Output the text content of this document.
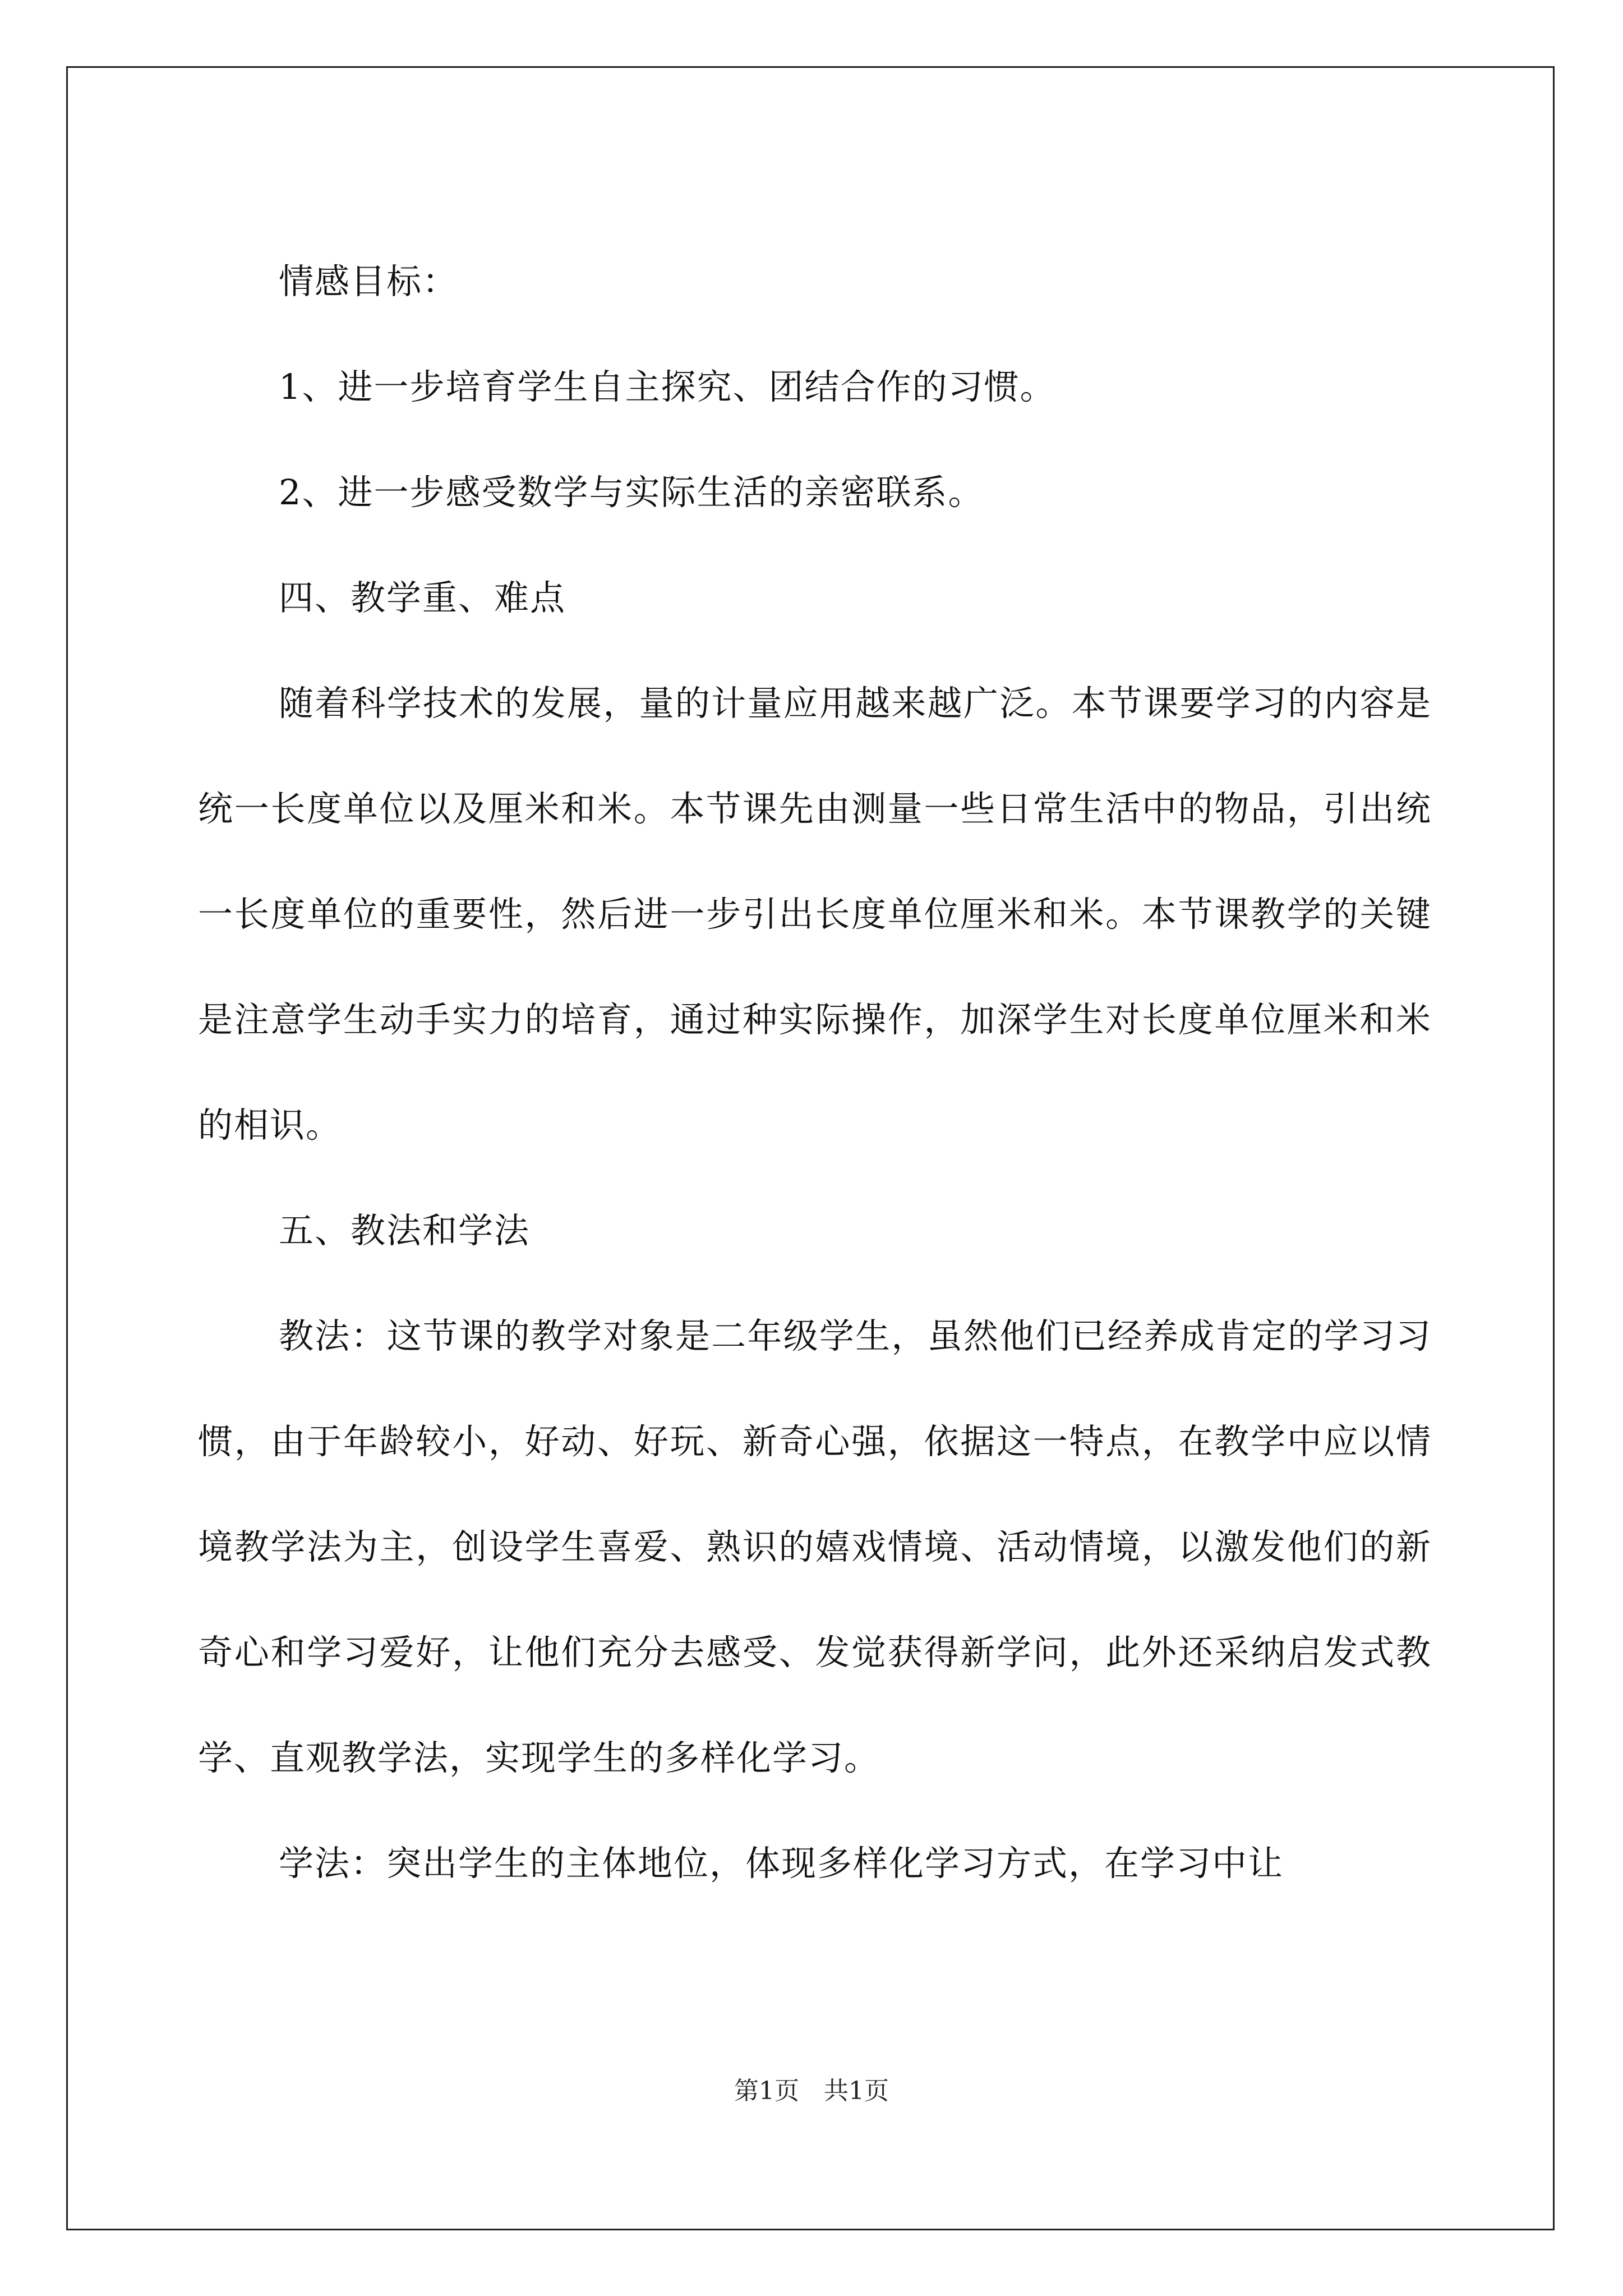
情感目标：

1、进一步培育学生自主探究、团结合作的习惯。

2、进一步感受数学与实际生活的亲密联系。

四、教学重、难点

随着科学技术的发展，量的计量应用越来越广泛。本节课要学习的内容是统一长度单位以及厘米和米。本节课先由测量一些日常生活中的物品，引出统一长度单位的重要性，然后进一步引出长度单位厘米和米。本节课教学的关键是注意学生动手实力的培育，通过种实际操作，加深学生对长度单位厘米和米的相识。

五、教法和学法

教法：这节课的教学对象是二年级学生，虽然他们已经养成肯定的学习习惯，由于年龄较小，好动、好玩、新奇心强，依据这一特点，在教学中应以情境教学法为主，创设学生喜爱、熟识的嬉戏情境、活动情境，以激发他们的新奇心和学习爱好，让他们充分去感受、发觉获得新学问，此外还采纳启发式教学、直观教学法，实现学生的多样化学习。

学法：突出学生的主体地位，体现多样化学习方式，在学习中让

第1页　共1页
